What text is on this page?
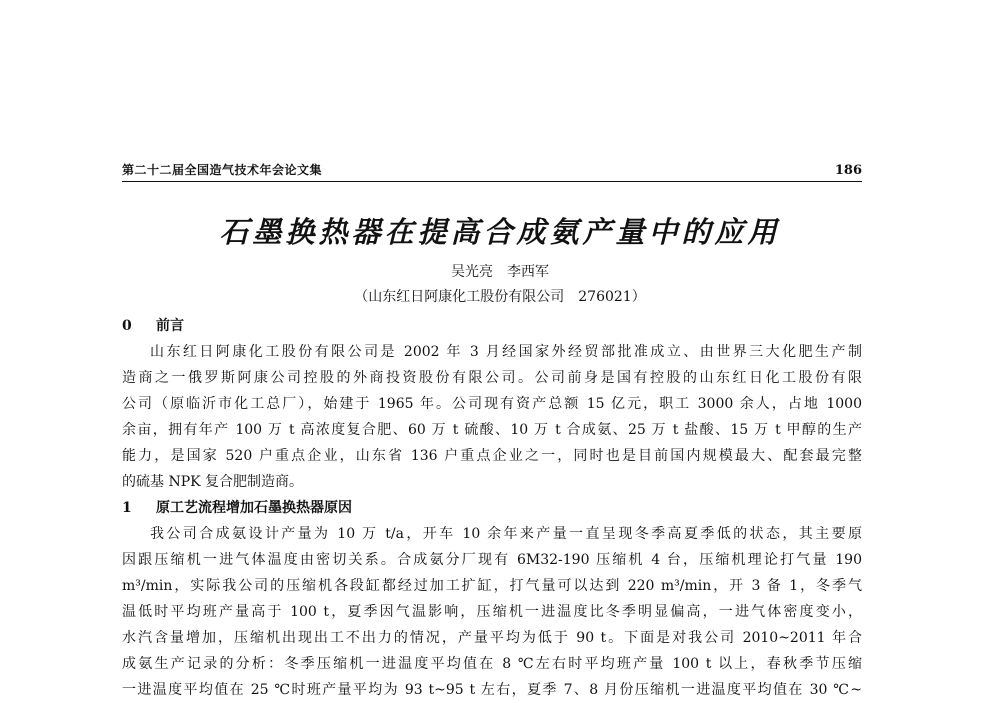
第二十二届全国造气技术年会论文集	186
石墨换热器在提高合成氨产量中的应用
吴光亮　李西军
（山东红日阿康化工股份有限公司　276021）
0 前言
山东红日阿康化工股份有限公司是 2002 年 3 月经国家外经贸部批准成立、由世界三大化肥生产制
造商之一俄罗斯阿康公司控股的外商投资股份有限公司。公司前身是国有控股的山东红日化工股份有限
公司（原临沂市化工总厂），始建于 1965 年。公司现有资产总额 15 亿元，职工 3000 余人，占地 1000
余亩，拥有年产 100 万 t 高浓度复合肥、60 万 t 硫酸、10 万 t 合成氨、25 万 t 盐酸、15 万 t 甲醇的生产
能力，是国家 520 户重点企业，山东省 136 户重点企业之一，同时也是目前国内规模最大、配套最完整
的硫基 NPK 复合肥制造商。
1 原工艺流程增加石墨换热器原因
我公司合成氨设计产量为 10 万 t/a，开车 10 余年来产量一直呈现冬季高夏季低的状态，其主要原
因跟压缩机一进气体温度由密切关系。合成氨分厂现有 6M32-190 压缩机 4 台，压缩机理论打气量 190
m³/min，实际我公司的压缩机各段缸都经过加工扩缸，打气量可以达到 220 m³/min，开 3 备 1，冬季气
温低时平均班产量高于 100 t，夏季因气温影响，压缩机一进温度比冬季明显偏高，一进气体密度变小，
水汽含量增加，压缩机出现出工不出力的情况，产量平均为低于 90 t。下面是对我公司 2010~2011 年合
成氨生产记录的分析：冬季压缩机一进温度平均值在 8 ℃左右时平均班产量 100 t 以上，春秋季节压缩
一进温度平均值在 25 ℃时班产量平均为 93 t~95 t 左右，夏季 7、8 月份压缩机一进温度平均值在 30 ℃~
